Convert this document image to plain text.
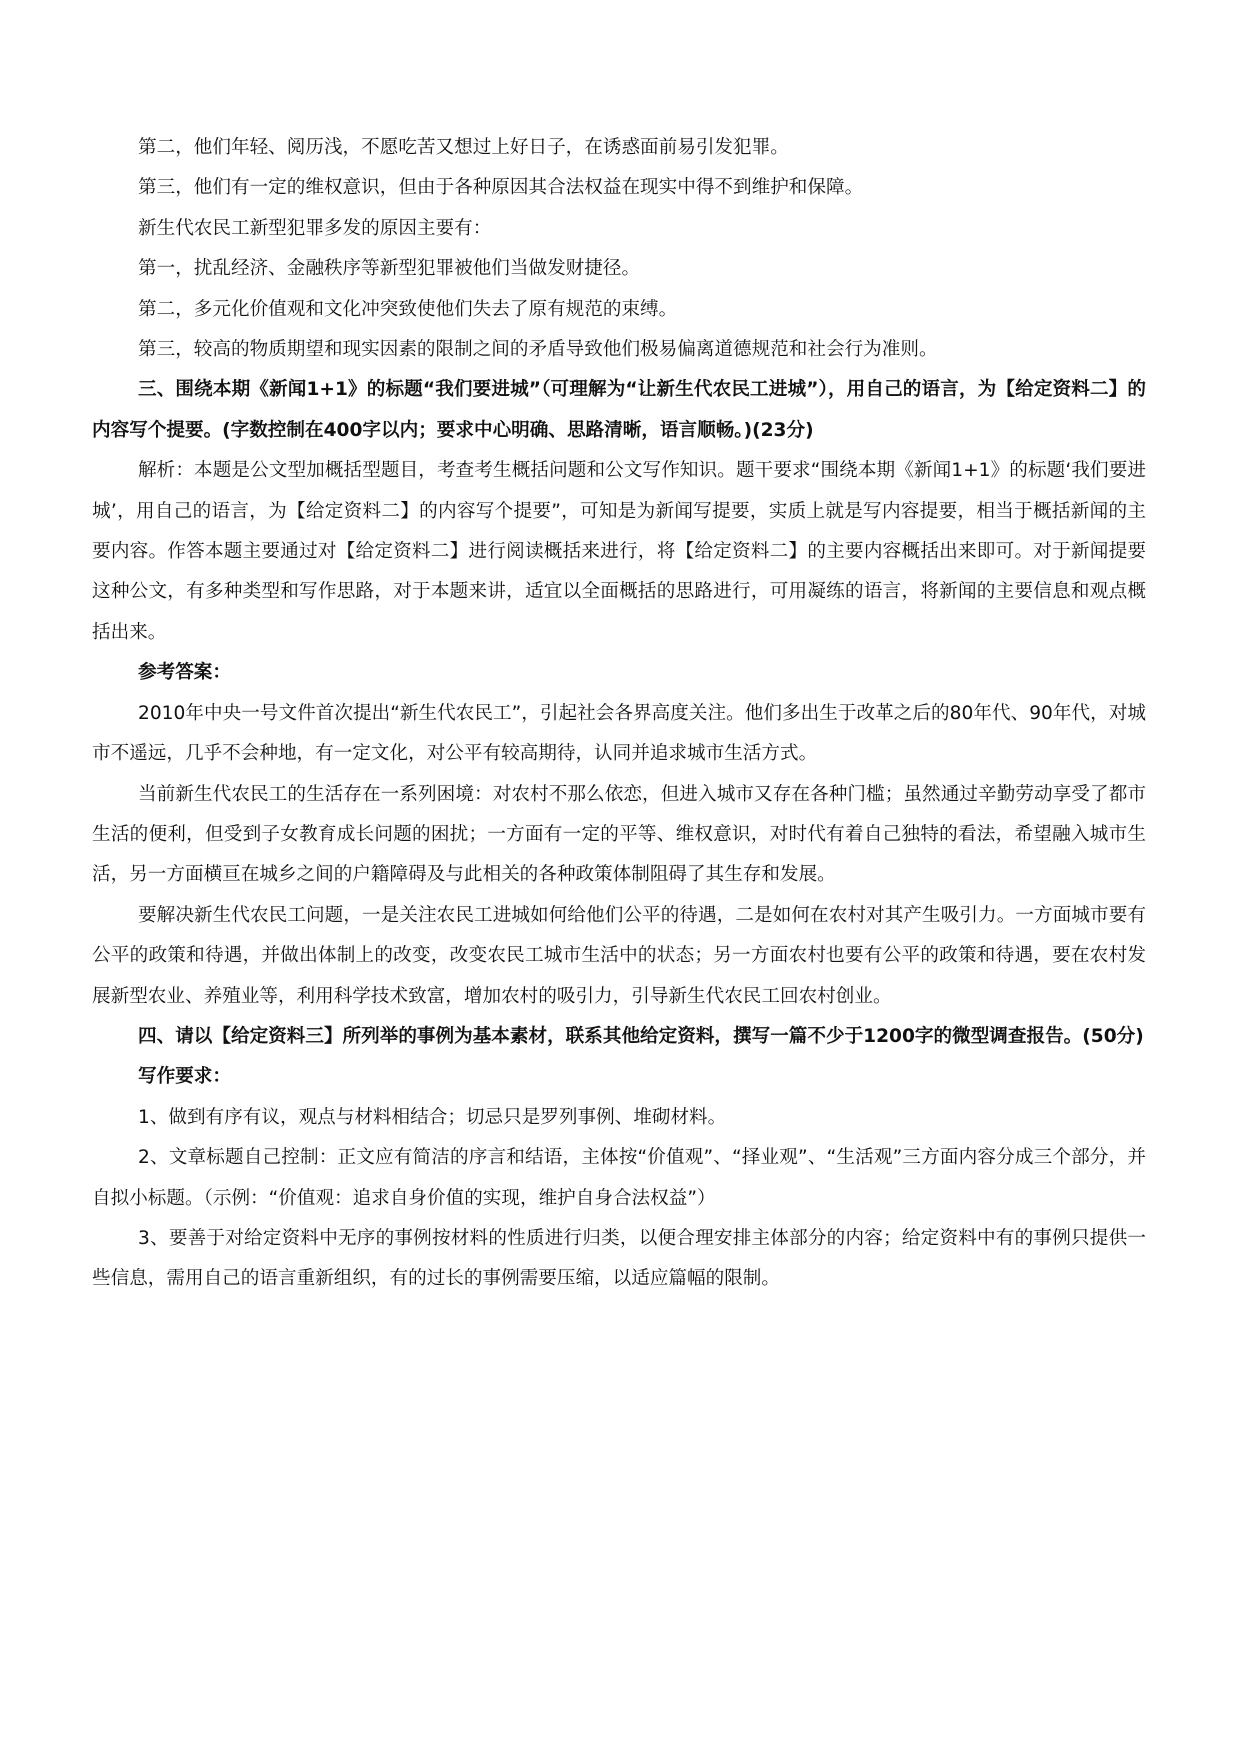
第二，他们年轻、阅历浅，不愿吃苦又想过上好日子，在诱惑面前易引发犯罪。

第三，他们有一定的维权意识，但由于各种原因其合法权益在现实中得不到维护和保障。

新生代农民工新型犯罪多发的原因主要有：

第一，扰乱经济、金融秩序等新型犯罪被他们当做发财捷径。

第二，多元化价值观和文化冲突致使他们失去了原有规范的束缚。

第三，较高的物质期望和现实因素的限制之间的矛盾导致他们极易偏离道德规范和社会行为准则。

三、围绕本期《新闻1+1》的标题“我们要进城”（可理解为“让新生代农民工进城”），用自己的语言，为【给定资料二】的内容写个提要。(字数控制在400字以内；要求中心明确、思路清晰，语言顺畅。)(23分)

解析：本题是公文型加概括型题目，考查考生概括问题和公文写作知识。题干要求“围绕本期《新闻1+1》的标题‘我们要进城’，用自己的语言，为【给定资料二】的内容写个提要”，可知是为新闻写提要，实质上就是写内容提要，相当于概括新闻的主要内容。作答本题主要通过对【给定资料二】进行阅读概括来进行，将【给定资料二】的主要内容概括出来即可。对于新闻提要这种公文，有多种类型和写作思路，对于本题来讲，适宜以全面概括的思路进行，可用凝练的语言，将新闻的主要信息和观点概括出来。

参考答案：

2010年中央一号文件首次提出“新生代农民工”，引起社会各界高度关注。他们多出生于改革之后的80年代、90年代，对城市不遥远，几乎不会种地，有一定文化，对公平有较高期待，认同并追求城市生活方式。

当前新生代农民工的生活存在一系列困境：对农村不那么依恋，但进入城市又存在各种门槛；虽然通过辛勤劳动享受了都市生活的便利，但受到子女教育成长问题的困扰；一方面有一定的平等、维权意识，对时代有着自己独特的看法，希望融入城市生活，另一方面横亘在城乡之间的户籍障碍及与此相关的各种政策体制阻碍了其生存和发展。

要解决新生代农民工问题，一是关注农民工进城如何给他们公平的待遇，二是如何在农村对其产生吸引力。一方面城市要有公平的政策和待遇，并做出体制上的改变，改变农民工城市生活中的状态；另一方面农村也要有公平的政策和待遇，要在农村发展新型农业、养殖业等，利用科学技术致富，增加农村的吸引力，引导新生代农民工回农村创业。

四、请以【给定资料三】所列举的事例为基本素材，联系其他给定资料，撰写一篇不少于1200字的微型调查报告。(50分)

写作要求：

1、做到有序有议，观点与材料相结合；切忌只是罗列事例、堆砌材料。

2、文章标题自己控制：正文应有简洁的序言和结语，主体按“价值观”、“择业观”、“生活观”三方面内容分成三个部分，并自拟小标题。（示例：“价值观：追求自身价值的实现，维护自身合法权益”）

3、要善于对给定资料中无序的事例按材料的性质进行归类，以便合理安排主体部分的内容；给定资料中有的事例只提供一些信息，需用自己的语言重新组织，有的过长的事例需要压缩，以适应篇幅的限制。
